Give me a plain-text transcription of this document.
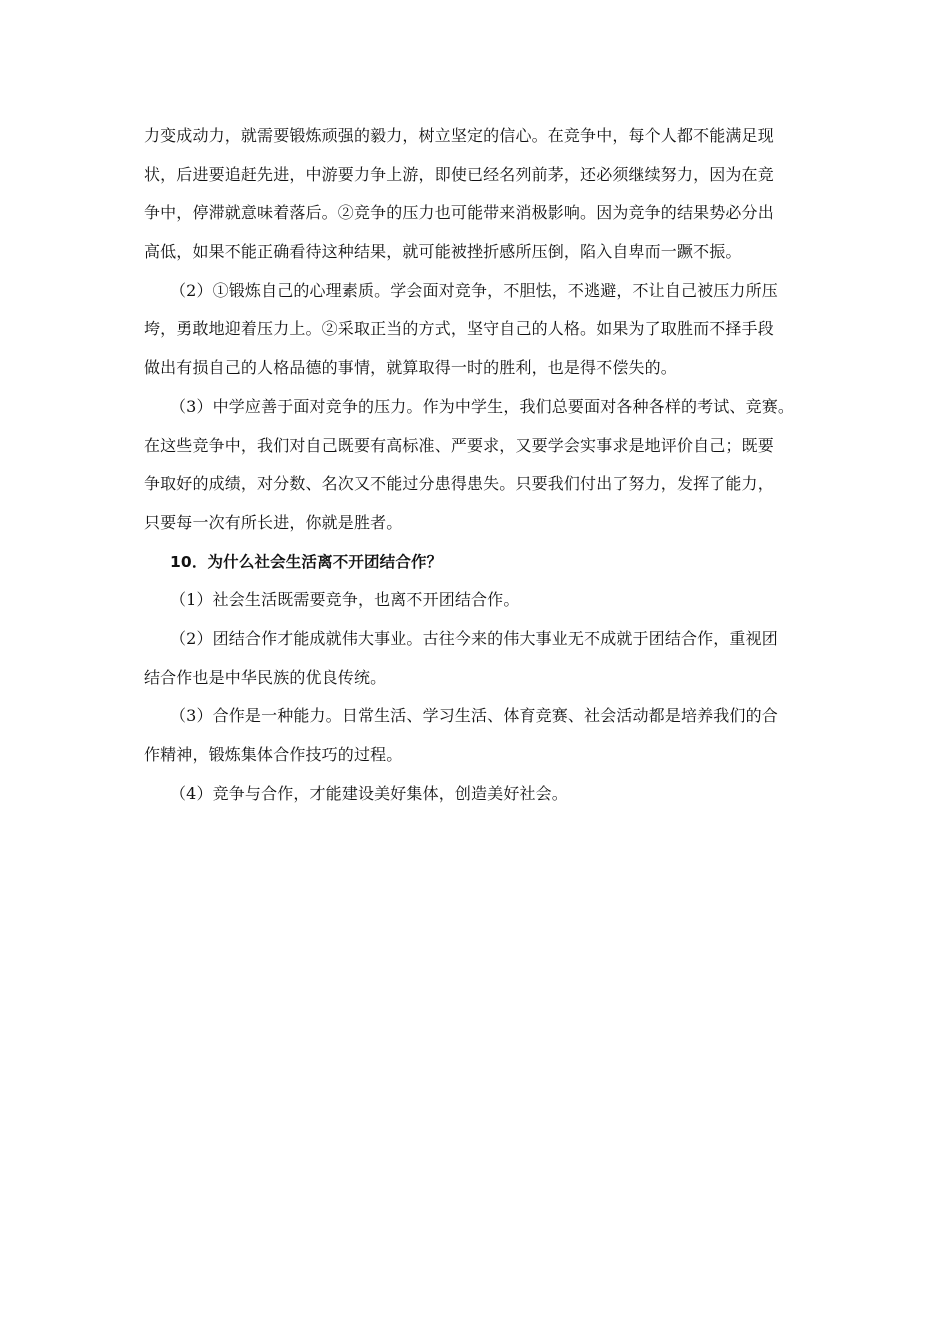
力变成动力，就需要锻炼顽强的毅力，树立坚定的信心。在竞争中，每个人都不能满足现
状，后进要追赶先进，中游要力争上游，即使已经名列前茅，还必须继续努力，因为在竞
争中，停滞就意味着落后。②竞争的压力也可能带来消极影响。因为竞争的结果势必分出
高低，如果不能正确看待这种结果，就可能被挫折感所压倒，陷入自卑而一蹶不振。
（2）①锻炼自己的心理素质。学会面对竞争，不胆怯，不逃避，不让自己被压力所压
垮，勇敢地迎着压力上。②采取正当的方式，坚守自己的人格。如果为了取胜而不择手段
做出有损自己的人格品德的事情，就算取得一时的胜利，也是得不偿失的。
（3）中学应善于面对竞争的压力。作为中学生，我们总要面对各种各样的考试、竞赛。
在这些竞争中，我们对自己既要有高标准、严要求，又要学会实事求是地评价自己；既要
争取好的成绩，对分数、名次又不能过分患得患失。只要我们付出了努力，发挥了能力，
只要每一次有所长进，你就是胜者。
10．为什么社会生活离不开团结合作？
（1）社会生活既需要竞争，也离不开团结合作。
（2）团结合作才能成就伟大事业。古往今来的伟大事业无不成就于团结合作，重视团
结合作也是中华民族的优良传统。
（3）合作是一种能力。日常生活、学习生活、体育竞赛、社会活动都是培养我们的合
作精神，锻炼集体合作技巧的过程。
（4）竞争与合作，才能建设美好集体，创造美好社会。
